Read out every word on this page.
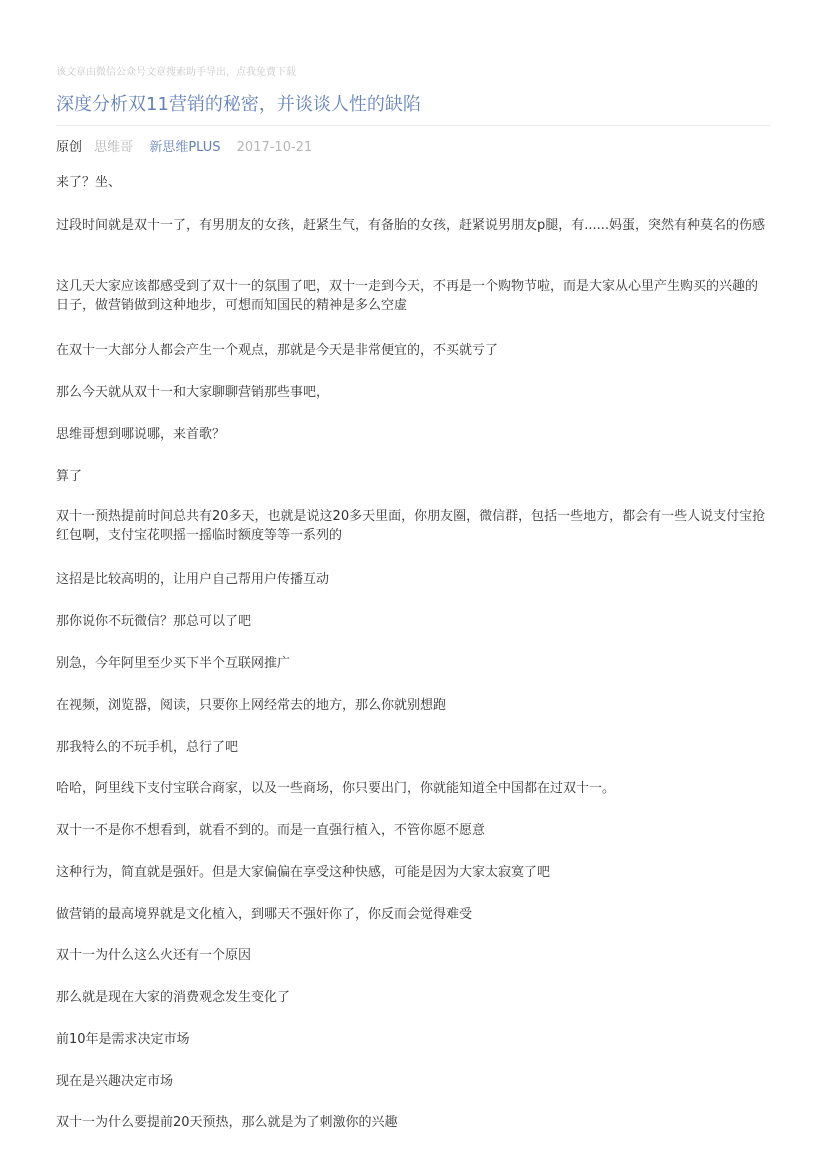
该文章由微信公众号文章搜索助手导出，点我免费下载
深度分析双11营销的秘密，并谈谈人性的缺陷
原创 思维哥 新思维PLUS 2017-10-21

来了？坐、

过段时间就是双十一了，有男朋友的女孩，赶紧生气，有备胎的女孩，赶紧说男朋友p腿，有......妈蛋，突然有种莫名的伤感

这几天大家应该都感受到了双十一的氛围了吧，双十一走到今天，不再是一个购物节啦，而是大家从心里产生购买的兴趣的日子，做营销做到这种地步，可想而知国民的精神是多么空虚

在双十一大部分人都会产生一个观点，那就是今天是非常便宜的，不买就亏了

那么今天就从双十一和大家聊聊营销那些事吧，

思维哥想到哪说哪，来首歌？

算了

双十一预热提前时间总共有20多天，也就是说这20多天里面，你朋友圈，微信群，包括一些地方，都会有一些人说支付宝抢红包啊，支付宝花呗摇一摇临时额度等等一系列的

这招是比较高明的，让用户自己帮用户传播互动

那你说你不玩微信？那总可以了吧

别急，今年阿里至少买下半个互联网推广

在视频，浏览器，阅读，只要你上网经常去的地方，那么你就别想跑

那我特么的不玩手机，总行了吧

哈哈，阿里线下支付宝联合商家，以及一些商场，你只要出门，你就能知道全中国都在过双十一。

双十一不是你不想看到，就看不到的。而是一直强行植入，不管你愿不愿意

这种行为，简直就是强奸。但是大家偏偏在享受这种快感，可能是因为大家太寂寞了吧

做营销的最高境界就是文化植入，到哪天不强奸你了，你反而会觉得难受

双十一为什么这么火还有一个原因

那么就是现在大家的消费观念发生变化了

前10年是需求决定市场

现在是兴趣决定市场

双十一为什么要提前20天预热，那么就是为了刺激你的兴趣
